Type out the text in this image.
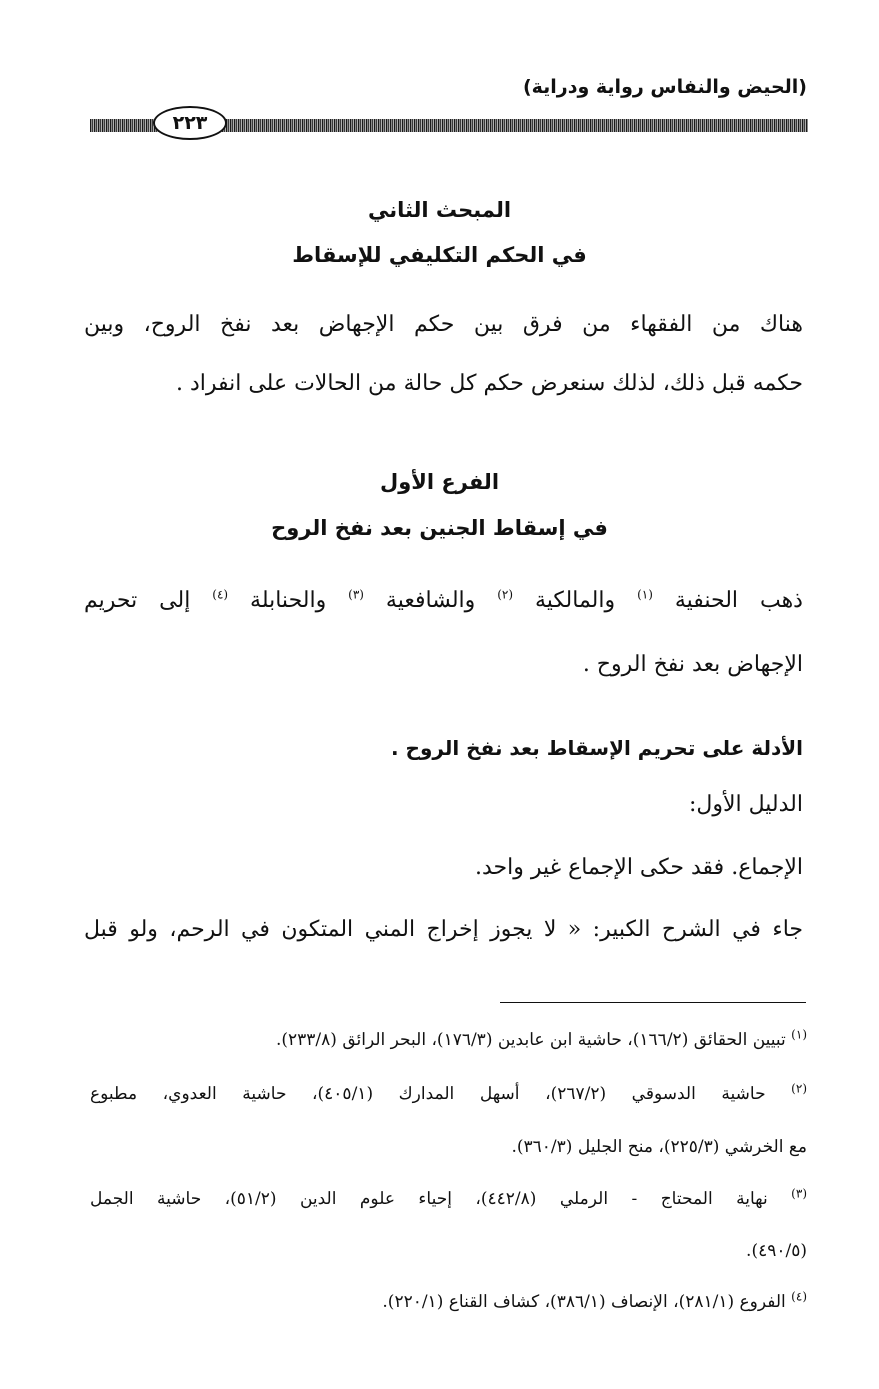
(الحيض والنفاس رواية ودراية)
٢٢٣
المبحث الثاني
في الحكم التكليفي للإسقاط
هناك من الفقهاء من فرق بين حكم الإجهاض بعد نفخ الروح، وبين
حكمه قبل ذلك، لذلك سنعرض حكم كل حالة من الحالات على انفراد .
الفرع الأول
في إسقاط الجنين بعد نفخ الروح
ذهب الحنفية $^{(١)}$ والمالكية $^{(٢)}$ والشافعية $^{(٣)}$ والحنابلة $^{(٤)}$ إلى تحريم
الإجهاض بعد نفخ الروح .
الأدلة على تحريم الإسقاط بعد نفخ الروح .
الدليل الأول:
الإجماع. فقد حكى الإجماع غير واحد.
جاء في الشرح الكبير: « لا يجوز إخراج المني المتكون في الرحم، ولو قبل
$^{(١)}$ تبيين الحقائق (١٦٦/٢)، حاشية ابن عابدين (١٧٦/٣)، البحر الرائق (٢٣٣/٨).
$^{(٢)}$ حاشية الدسوقي (٢٦٧/٢)، أسهل المدارك (٤٠٥/١)، حاشية العدوي، مطبوع
مع الخرشي (٢٢٥/٣)، منح الجليل (٣٦٠/٣).
$^{(٣)}$ نهاية المحتاج - الرملي (٤٤٢/٨)، إحياء علوم الدين (٥١/٢)، حاشية الجمل
(٤٩٠/٥).
$^{(٤)}$ الفروع (٢٨١/١)، الإنصاف (٣٨٦/١)، كشاف القناع (٢٢٠/١).
